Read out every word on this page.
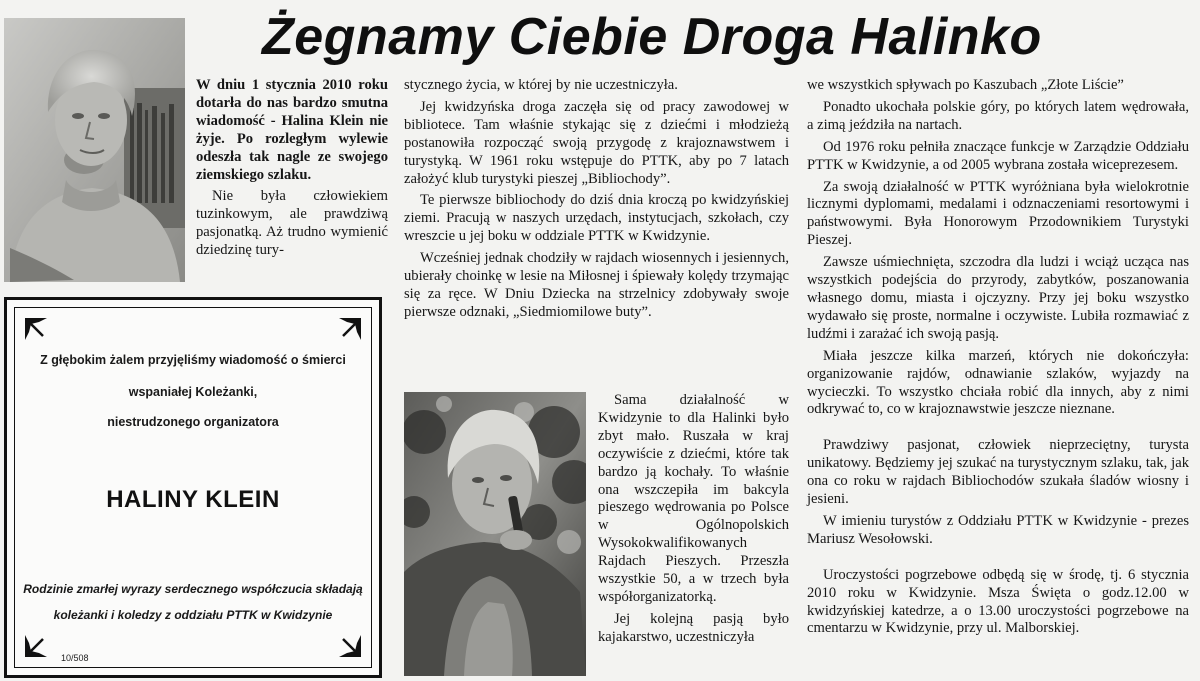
Żegnamy Ciebie Droga Halinko

W dniu 1 stycznia 2010 roku dotarła do nas bardzo smutna wiadomość - Halina Klein nie żyje. Po rozległym wylewie odeszła tak nagle ze swojego ziemskiego szlaku.

Nie była człowiekiem tuzinkowym, ale prawdziwą pasjonatką. Aż trudno wymienić dziedzinę tury-

Z głębokim żalem przyjęliśmy wiadomość o śmierci
wspaniałej Koleżanki,
niestrudzonego organizatora
HALINY KLEIN
Rodzinie zmarłej wyrazy serdecznego współczucia składają
koleżanki i koledzy z oddziału PTTK w Kwidzynie
10/508

stycznego życia, w której by nie uczestniczyła.

Jej kwidzyńska droga zaczęła się od pracy zawodowej w bibliotece. Tam właśnie stykając się z dziećmi i młodzieżą postanowiła rozpocząć swoją przygodę z krajoznawstwem i turystyką. W 1961 roku wstępuje do PTTK, aby po 7 latach założyć klub turystyki pieszej „Bibliochody”.

Te pierwsze bibliochody do dziś dnia kroczą po kwidzyńskiej ziemi. Pracują w naszych urzędach, instytucjach, szkołach, czy wreszcie u jej boku w oddziale PTTK w Kwidzynie.

Wcześniej jednak chodziły w rajdach wiosennych i jesiennych, ubierały choinkę w lesie na Miłosnej i śpiewały kolędy trzymając się za ręce. W Dniu Dziecka na strzelnicy zdobywały swoje pierwsze odznaki, „Siedmiomilowe buty”.

Sama działalność w Kwidzynie to dla Halinki było zbyt mało. Ruszała w kraj oczywiście z dziećmi, które tak bardzo ją kochały. To właśnie ona wszczepiła im bakcyla pieszego wędrowania po Polsce w Ogólnopolskich Wysokokwalifikowanych Rajdach Pieszych. Przeszła wszystkie 50, a w trzech była współorganizatorką.

Jej kolejną pasją było kajakarstwo, uczestniczyła

we wszystkich spływach po Kaszubach „Złote Liście”

Ponadto ukochała polskie góry, po których latem wędrowała, a zimą jeździła na nartach.

Od 1976 roku pełniła znaczące funkcje w Zarządzie Oddziału PTTK w Kwidzynie, a od 2005 wybrana została wiceprezesem.

Za swoją działalność w PTTK wyróżniana była wielokrotnie licznymi dyplomami, medalami i odznaczeniami resortowymi i państwowymi. Była Honorowym Przodownikiem Turystyki Pieszej.

Zawsze uśmiechnięta, szczodra dla ludzi i wciąż ucząca nas wszystkich podejścia do przyrody, zabytków, poszanowania własnego domu, miasta i ojczyzny. Przy jej boku wszystko wydawało się proste, normalne i oczywiste. Lubiła rozmawiać z ludźmi i zarażać ich swoją pasją.

Miała jeszcze kilka marzeń, których nie dokończyła: organizowanie rajdów, odnawianie szlaków, wyjazdy na wycieczki. To wszystko chciała robić dla innych, aby z nimi odkrywać to, co w krajoznawstwie jeszcze nieznane.

Prawdziwy pasjonat, człowiek nieprzeciętny, turysta unikatowy. Będziemy jej szukać na turystycznym szlaku, tak, jak ona co roku w rajdach Bibliochodów szukała śladów wiosny i jesieni.

W imieniu turystów z Oddziału PTTK w Kwidzynie - prezes Mariusz Wesołowski.

Uroczystości pogrzebowe odbędą się w środę, tj. 6 stycznia 2010 roku w Kwidzynie. Msza Święta o godz.12.00 w kwidzyńskiej katedrze, a o 13.00 uroczystości pogrzebowe na cmentarzu w Kwidzynie, przy ul. Malborskiej.
